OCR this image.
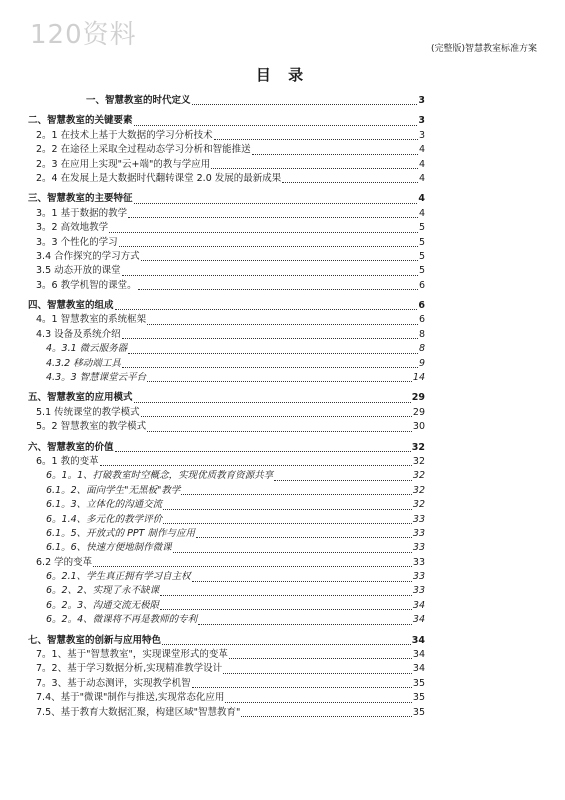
120资料	(完整版)智慧教室标准方案
目 录
一、智慧教室的时代定义	3
二、智慧教室的关键要素	3
2。1 在技术上基于大数据的学习分析技术	3
2。2 在途径上采取全过程动态学习分析和智能推送	4
2。3 在应用上实现"云+端"的教与学应用	4
2。4 在发展上是大数据时代翻转课堂 2.0 发展的最新成果	4
三、智慧教室的主要特征	4
3。1 基于数据的教学	4
3。2 高效地教学	5
3。3 个性化的学习	5
3.4 合作探究的学习方式	5
3.5 动态开放的课堂	5
3。6 教学机智的课堂。	6
四、智慧教室的组成	6
4。1 智慧教室的系统框架	6
4.3 设备及系统介绍	8
4。3.1 微云服务器	8
4.3.2 移动端工具	9
4.3。3 智慧课堂云平台	14
五、智慧教室的应用模式	29
5.1 传统课堂的教学模式	29
5。2 智慧教室的教学模式	30
六、智慧教室的价值	32
6。1 教的变革	32
6。1。1、打破教室时空概念，实现优质教育资源共享	32
6.1。2、面向学生"无黑板"教学	32
6.1。3、立体化的沟通交流	32
6。1.4、多元化的教学评价	33
6.1。5、开放式的 PPT 制作与应用	33
6.1。6、快速方便地制作微课	33
6.2 学的变革	33
6。2.1、学生真正拥有学习自主权	33
6。2、2、实现了永不缺课	33
6。2。3、沟通交流无极限	34
6。2。4、微课将不再是教师的专利	34
七、智慧教室的创新与应用特色	34
7。1、基于"智慧教室"，实现课堂形式的变革	34
7。2、基于学习数据分析,实现精准教学设计	34
7。3、基于动态测评，实现教学机智	35
7.4、基于"微课"制作与推送,实现常态化应用	35
7.5、基于教育大数据汇聚，构建区域"智慧教育"	35
